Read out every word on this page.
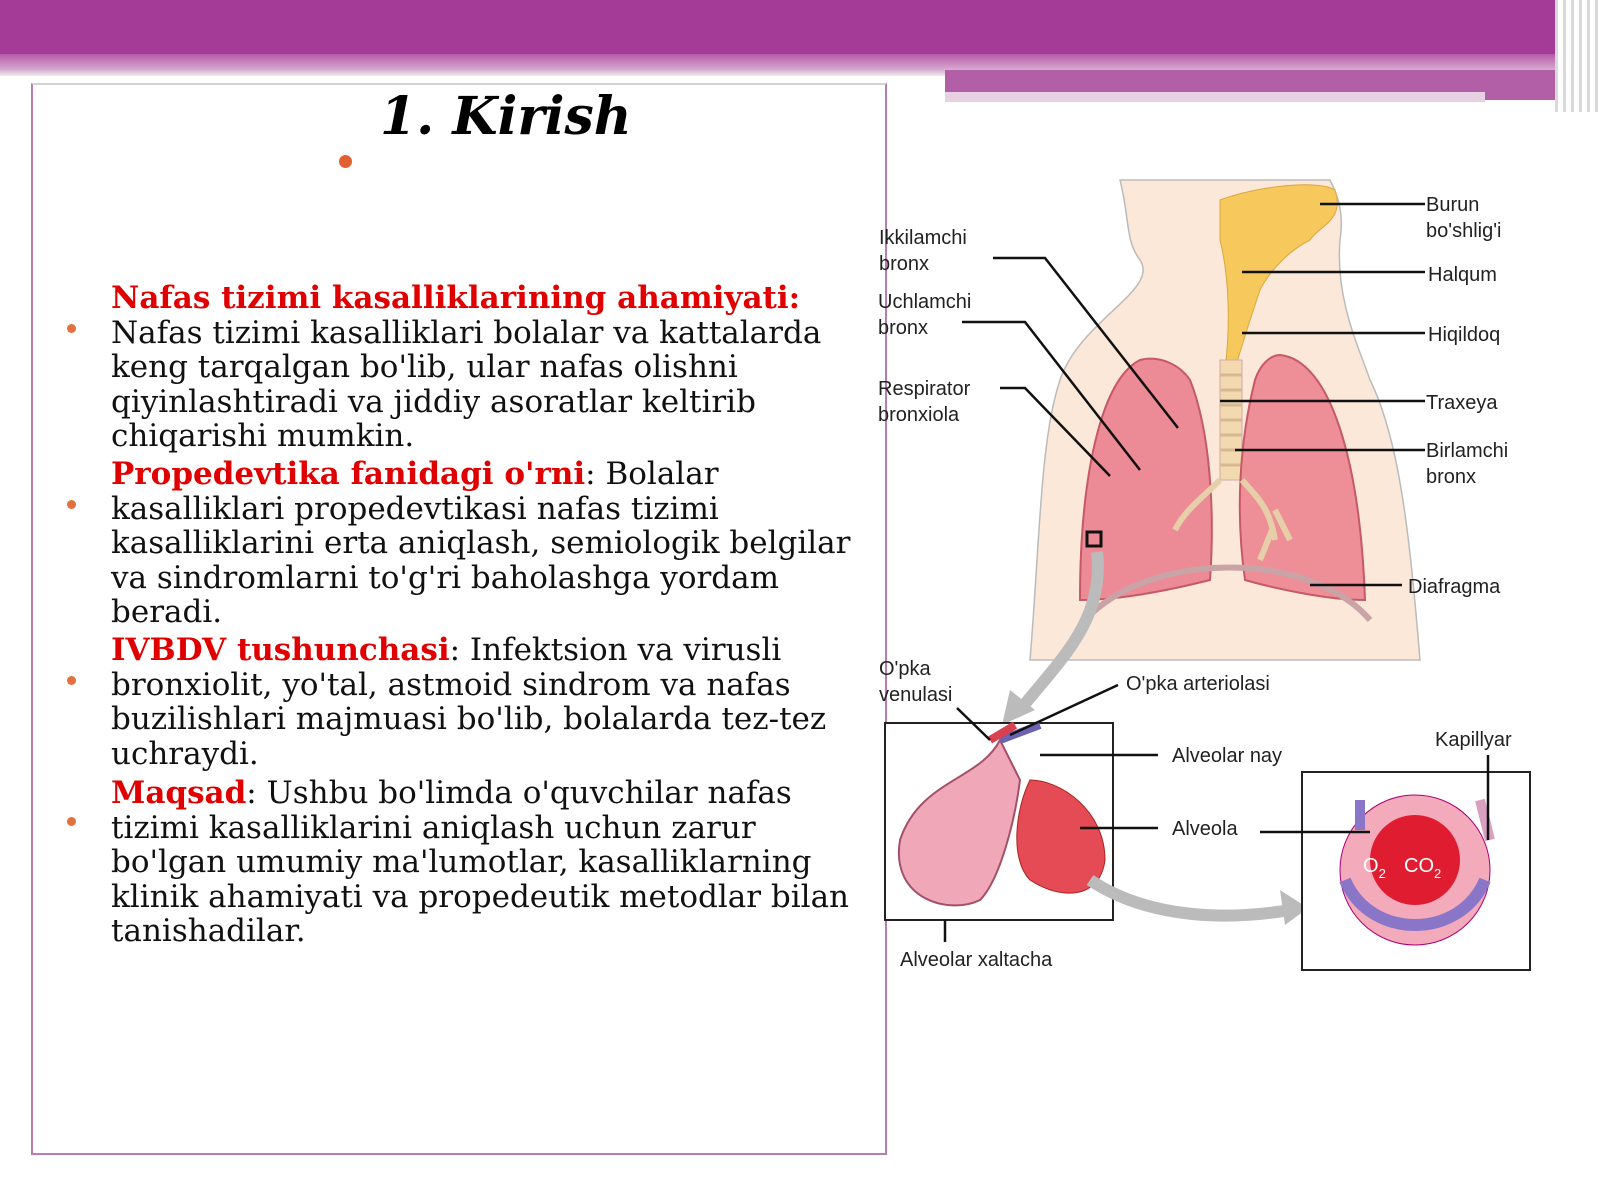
1. Kirish
Nafas tizimi kasalliklarining ahamiyati:
Nafas tizimi kasalliklari bolalar va kattalarda keng tarqalgan bo'lib, ular nafas olishni qiyinlashtiradi va jiddiy asoratlar keltirib chiqarishi mumkin.
Propedevtika fanidagi o'rni: Bolalar kasalliklari propedevtikasi nafas tizimi kasalliklarini erta aniqlash, semiologik belgilar va sindromlarni to'g'ri baholashga yordam beradi.
IVBDV tushunchasi: Infektsion va virusli bronxiolit, yo'tal, astmoid sindrom va nafas buzilishlari majmuasi bo'lib, bolalarda tez-tez uchraydi.
Maqsad: Ushbu bo'limda o'quvchilar nafas tizimi kasalliklarini aniqlash uchun zarur bo'lgan umumiy ma'lumotlar, kasalliklarning klinik ahamiyati va propedeutik metodlar bilan tanishadilar.
Burun
bo'shlig'i
Halqum
Hiqildoq
Traxeya
Birlamchi
bronx
Diafragma
Ikkilamchi
bronx
Uchlamchi
bronx
Respirator
bronxiola
O'pka
venulasi	O'pka arteriolasi
Alveolar nay
Alveola
Kapillyar
Alveolar xaltacha
$O_2$ $CO_2$
